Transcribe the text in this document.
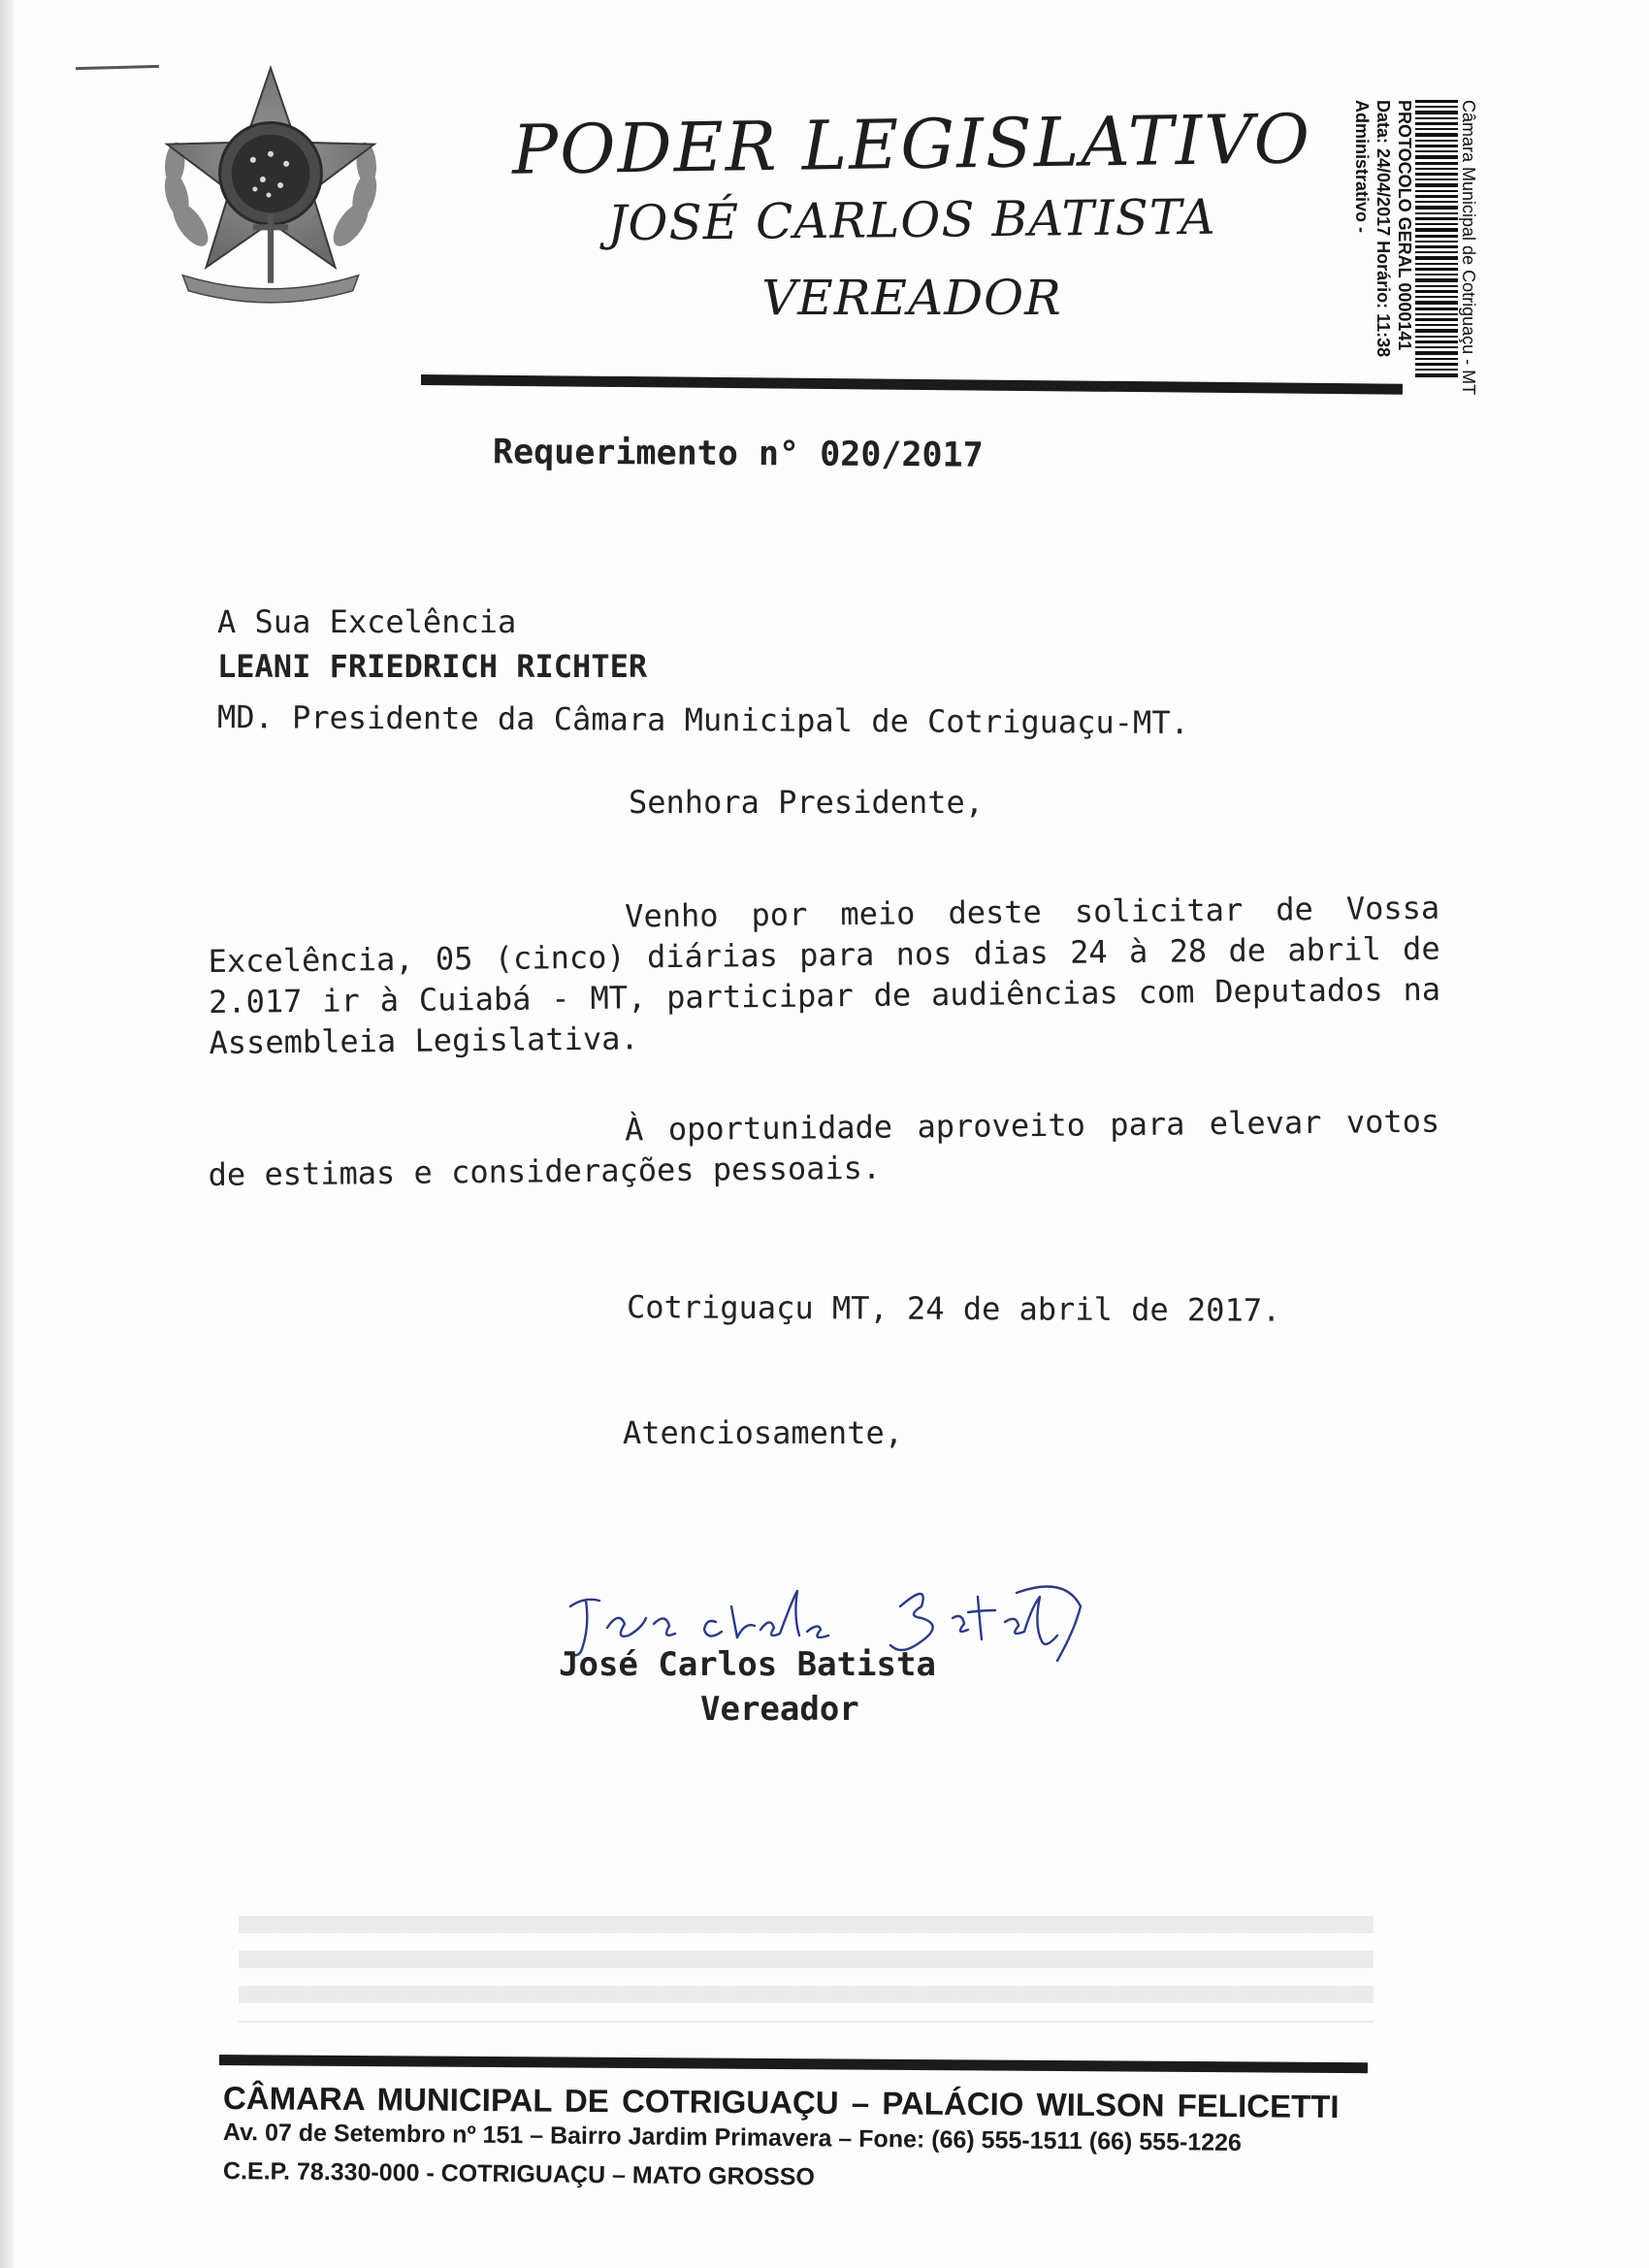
PODER LEGISLATIVO
JOSÉ CARLOS BATISTA
VEREADOR	Câmara Municipal de Cotriguaçu - MT
PROTOCOLO GERAL 0000141
Data: 24/04/2017 Horário: 11:38
Administrativo -
Requerimento n° 020/2017
A Sua Excelência
LEANI FRIEDRICH RICHTER
MD. Presidente da Câmara Municipal de Cotriguaçu-MT.
Senhora Presidente,
Venho por meio deste solicitar de Vossa Excelência, 05 (cinco) diárias para nos dias 24 à 28 de abril de 2.017 ir à Cuiabá - MT, participar de audiências com Deputados na Assembleia Legislativa.
À oportunidade aproveito para elevar votos de estimas e considerações pessoais.
Cotriguaçu MT, 24 de abril de 2017.
Atenciosamente,
José Carlos Batista
Vereador
CÂMARA MUNICIPAL DE COTRIGUAÇU – PALÁCIO WILSON FELICETTI
Av. 07 de Setembro nº 151 – Bairro Jardim Primavera – Fone: (66) 555-1511 (66) 555-1226
C.E.P. 78.330-000 - COTRIGUAÇU – MATO GROSSO
